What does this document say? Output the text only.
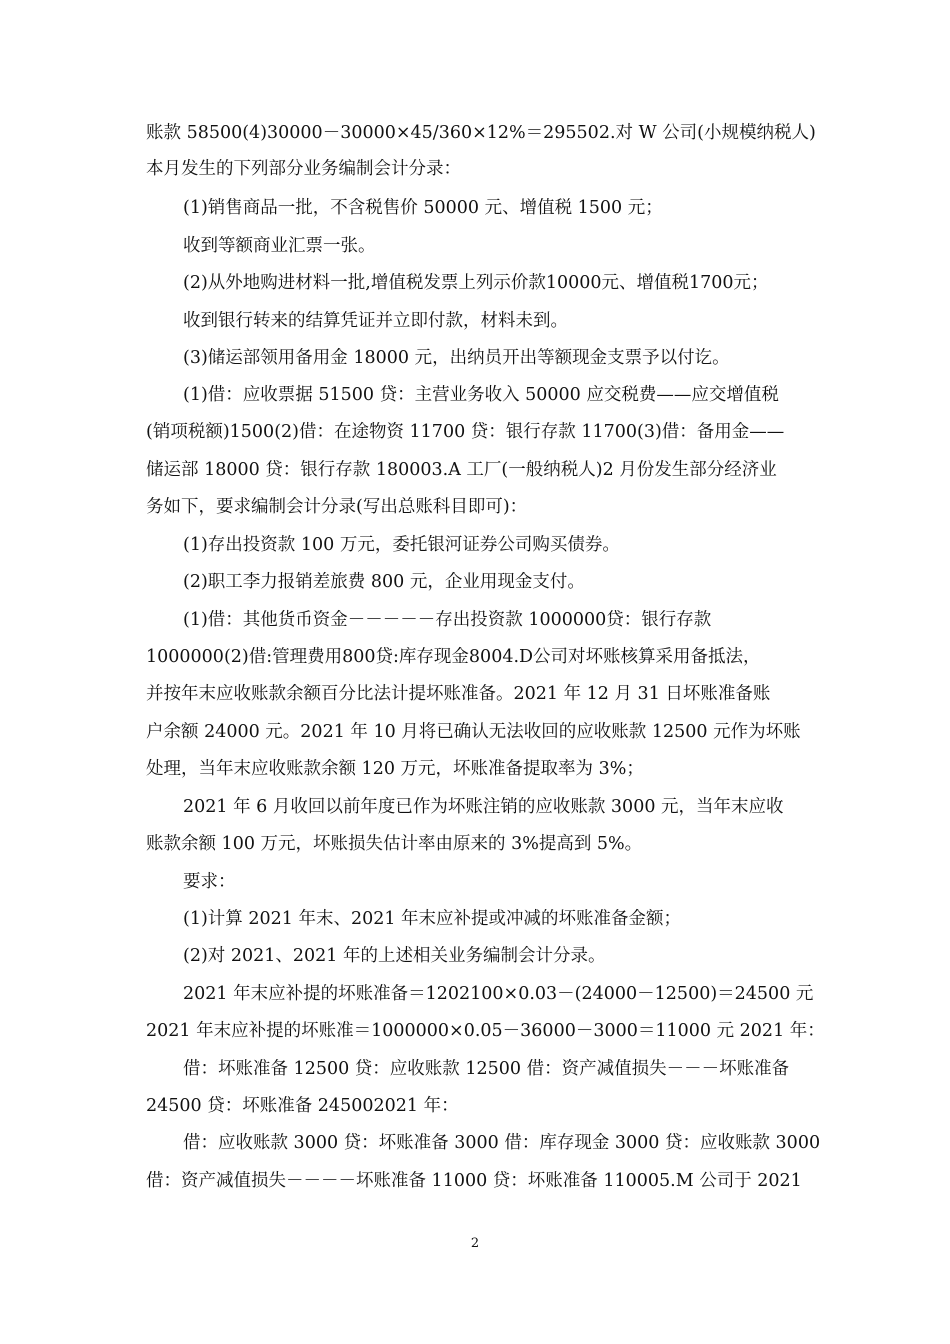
账款 58500(4)30000－30000×45/360×12%＝295502.对 W 公司(小规模纳税人)
本月发生的下列部分业务编制会计分录：
(1)销售商品一批，不含税售价 50000 元、增值税 1500 元；
收到等额商业汇票一张。
(2)从外地购进材料一批,增值税发票上列示价款10000元、增值税1700元；
收到银行转来的结算凭证并立即付款，材料未到。
(3)储运部领用备用金 18000 元，出纳员开出等额现金支票予以付讫。
(1)借：应收票据 51500 贷：主营业务收入 50000 应交税费——应交增值税
(销项税额)1500(2)借：在途物资 11700 贷：银行存款 11700(3)借：备用金——
储运部 18000 贷：银行存款 180003.A 工厂(一般纳税人)2 月份发生部分经济业
务如下，要求编制会计分录(写出总账科目即可)：
(1)存出投资款 100 万元，委托银河证券公司购买债券。
(2)职工李力报销差旅费 800 元，企业用现金支付。
(1)借：其他货币资金－－－－－存出投资款 1000000贷：银行存款
1000000(2)借:管理费用800贷:库存现金8004.D公司对坏账核算采用备抵法，
并按年末应收账款余额百分比法计提坏账准备。2021 年 12 月 31 日坏账准备账
户余额 24000 元。2021 年 10 月将已确认无法收回的应收账款 12500 元作为坏账
处理，当年末应收账款余额 120 万元，坏账准备提取率为 3%；
2021 年 6 月收回以前年度已作为坏账注销的应收账款 3000 元，当年末应收
账款余额 100 万元，坏账损失估计率由原来的 3%提高到 5%。
要求：
(1)计算 2021 年末、2021 年末应补提或冲减的坏账准备金额；
(2)对 2021、2021 年的上述相关业务编制会计分录。
2021 年末应补提的坏账准备＝1202100×0.03－(24000－12500)＝24500 元
2021 年末应补提的坏账准＝1000000×0.05－36000－3000＝11000 元 2021 年：
借：坏账准备 12500 贷：应收账款 12500 借：资产减值损失－－－坏账准备
24500 贷：坏账准备 245002021 年：
借：应收账款 3000 贷：坏账准备 3000 借：库存现金 3000 贷：应收账款 3000
借：资产减值损失－－－－坏账准备 11000 贷：坏账准备 110005.M 公司于 2021
2
